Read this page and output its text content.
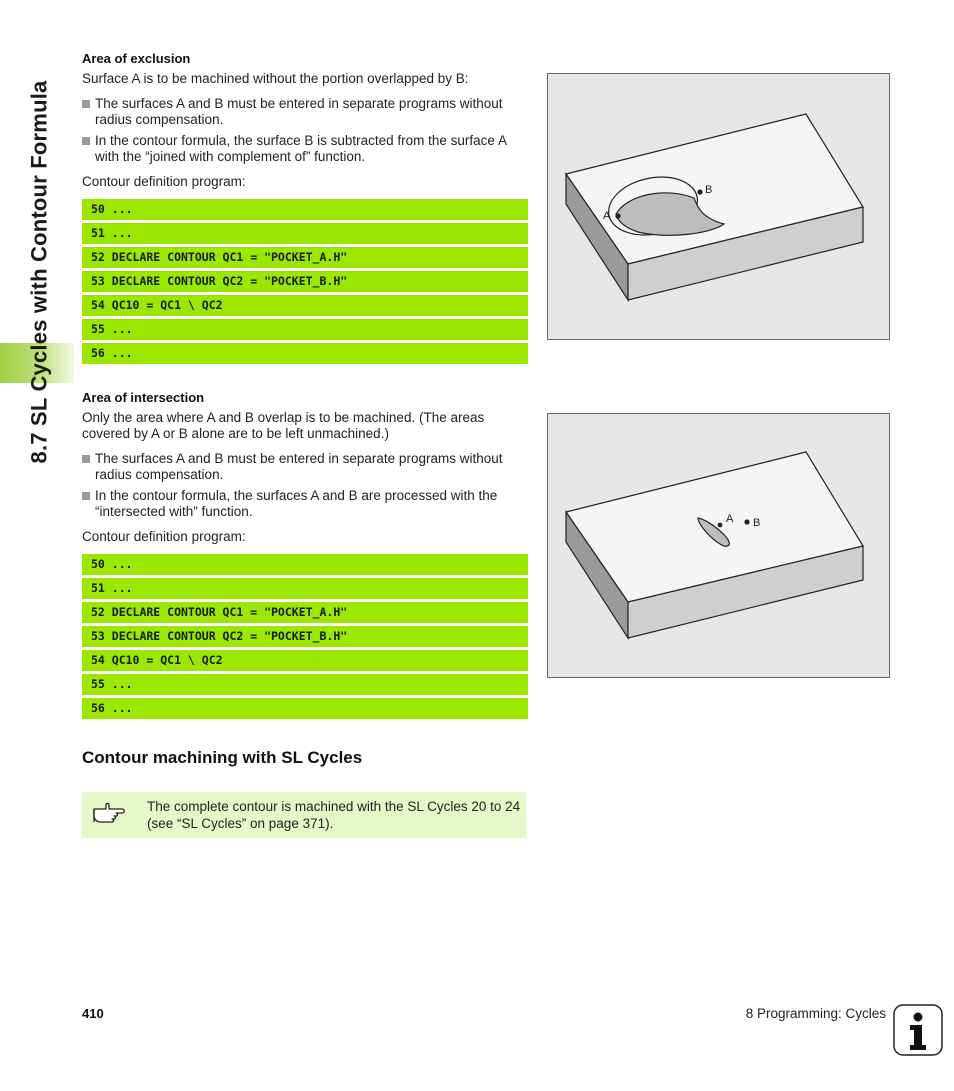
8.7 SL Cycles with Contour Formula

Area of exclusion

Surface A is to be machined without the portion overlapped by B:

The surfaces A and B must be entered in separate programs without radius compensation.

In the contour formula, the surface B is subtracted from the surface A with the “joined with complement of” function.

Contour definition program:

50 ...
51 ...
52 DECLARE CONTOUR QC1 = "POCKET_A.H"
53 DECLARE CONTOUR QC2 = "POCKET_B.H"
54 QC10 = QC1 \ QC2
55 ...
56 ...
A
B

Area of intersection

Only the area where A and B overlap is to be machined. (The areas covered by A or B alone are to be left unmachined.)

The surfaces A and B must be entered in separate programs without radius compensation.

In the contour formula, the surfaces A and B are processed with the “intersected with” function.

Contour definition program:

50 ...
51 ...
52 DECLARE CONTOUR QC1 = "POCKET_A.H"
53 DECLARE CONTOUR QC2 = "POCKET_B.H"
54 QC10 = QC1 \ QC2
55 ...
56 ...
A B

Contour machining with SL Cycles

The complete contour is machined with the SL Cycles 20 to 24 (see “SL Cycles” on page 371).
410	8 Programming: Cycles
